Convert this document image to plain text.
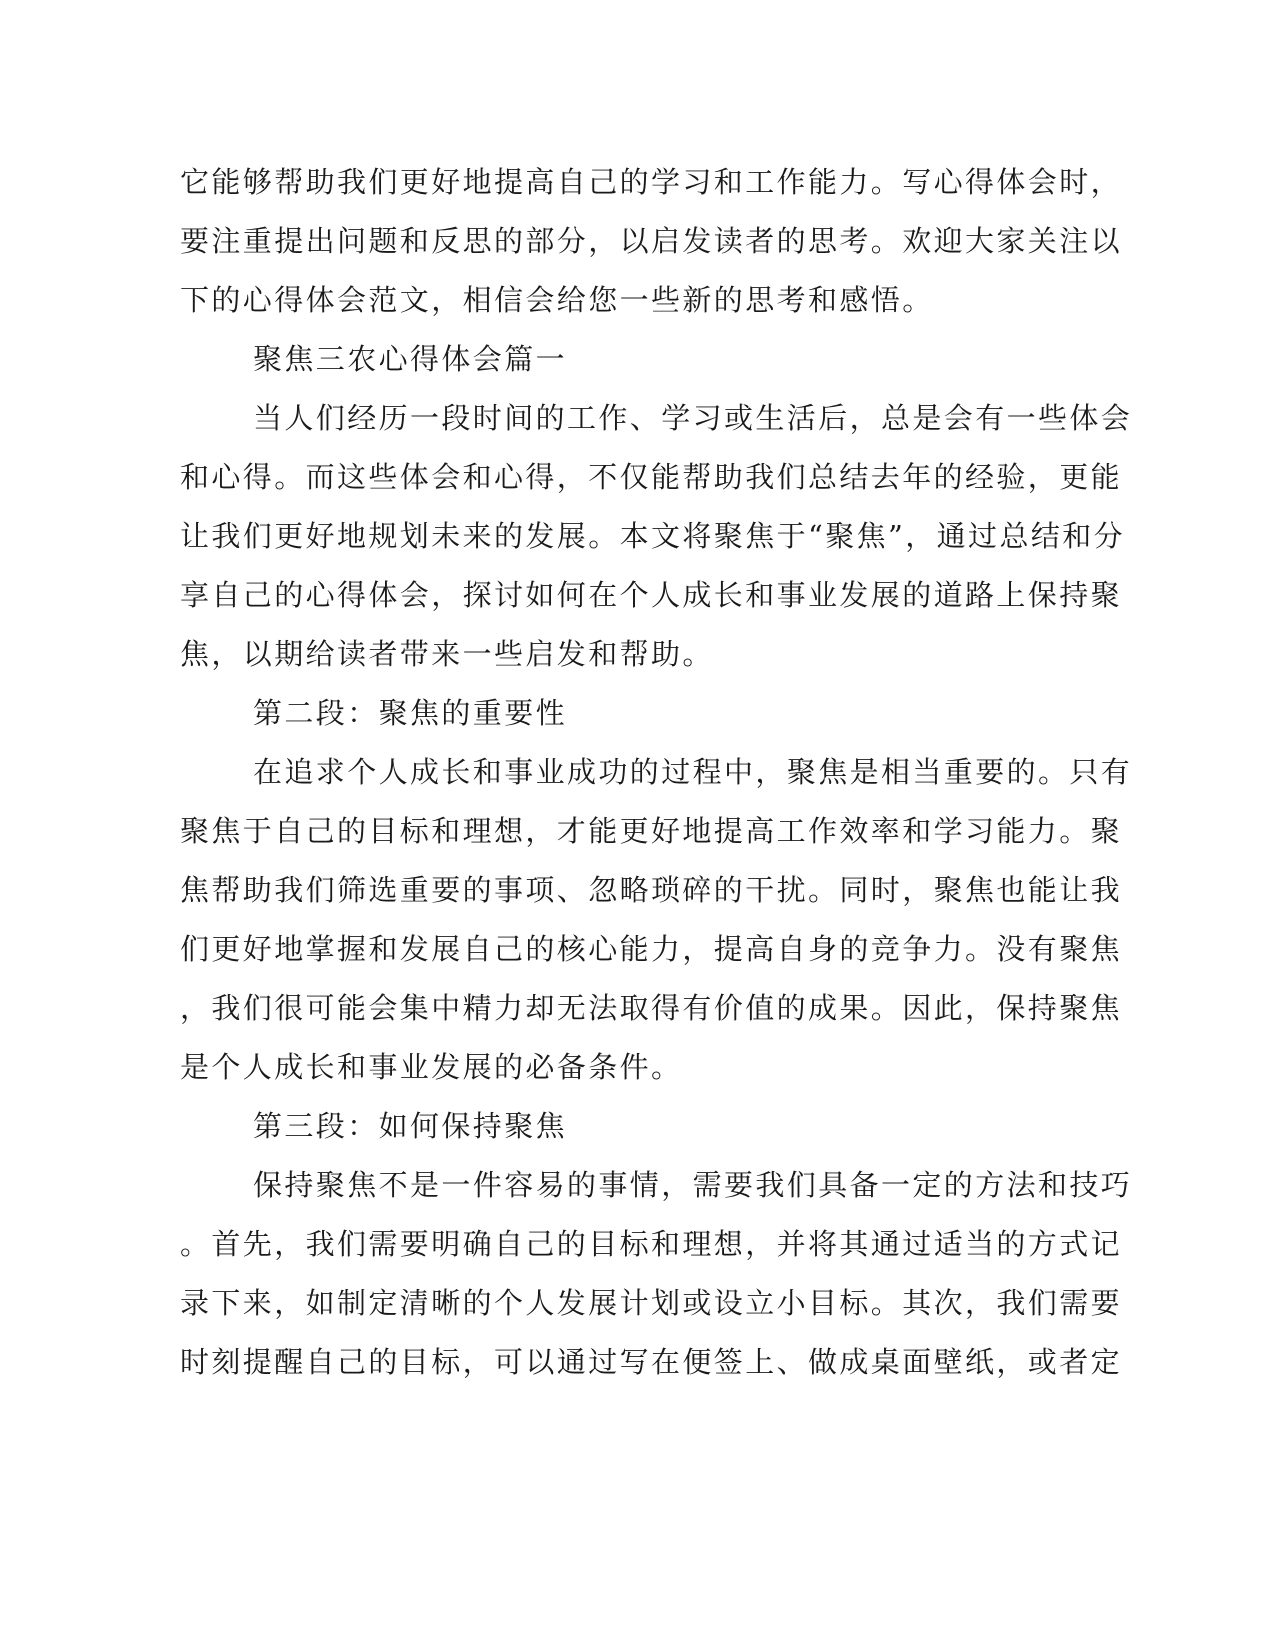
它能够帮助我们更好地提高自己的学习和工作能力。写心得体会时，
要注重提出问题和反思的部分，以启发读者的思考。欢迎大家关注以
下的心得体会范文，相信会给您一些新的思考和感悟。
聚焦三农心得体会篇一
当人们经历一段时间的工作、学习或生活后，总是会有一些体会
和心得。而这些体会和心得，不仅能帮助我们总结去年的经验，更能
让我们更好地规划未来的发展。本文将聚焦于“聚焦”，通过总结和分
享自己的心得体会，探讨如何在个人成长和事业发展的道路上保持聚
焦，以期给读者带来一些启发和帮助。
第二段：聚焦的重要性
在追求个人成长和事业成功的过程中，聚焦是相当重要的。只有
聚焦于自己的目标和理想，才能更好地提高工作效率和学习能力。聚
焦帮助我们筛选重要的事项、忽略琐碎的干扰。同时，聚焦也能让我
们更好地掌握和发展自己的核心能力，提高自身的竞争力。没有聚焦
，我们很可能会集中精力却无法取得有价值的成果。因此，保持聚焦
是个人成长和事业发展的必备条件。
第三段：如何保持聚焦
保持聚焦不是一件容易的事情，需要我们具备一定的方法和技巧
。首先，我们需要明确自己的目标和理想，并将其通过适当的方式记
录下来，如制定清晰的个人发展计划或设立小目标。其次，我们需要
时刻提醒自己的目标，可以通过写在便签上、做成桌面壁纸，或者定
